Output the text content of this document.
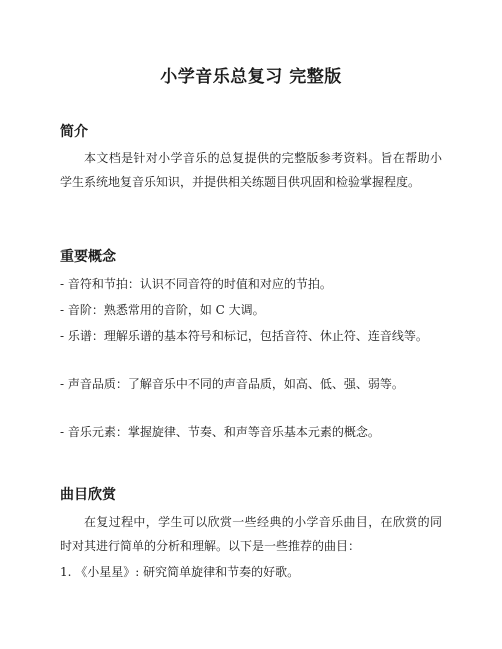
小学音乐总复习 完整版
简介

本文档是针对小学音乐的总复提供的完整版参考资料。旨在帮助小学生系统地复音乐知识，并提供相关练题目供巩固和检验掌握程度。

重要概念

- 音符和节拍：认识不同音符的时值和对应的节拍。

- 音阶：熟悉常用的音阶，如 C 大调。

- 乐谱：理解乐谱的基本符号和标记，包括音符、休止符、连音线等。

- 声音品质：了解音乐中不同的声音品质，如高、低、强、弱等。

- 音乐元素：掌握旋律、节奏、和声等音乐基本元素的概念。

曲目欣赏

在复过程中，学生可以欣赏一些经典的小学音乐曲目，在欣赏的同时对其进行简单的分析和理解。以下是一些推荐的曲目：

1. 《小星星》: 研究简单旋律和节奏的好歌。
